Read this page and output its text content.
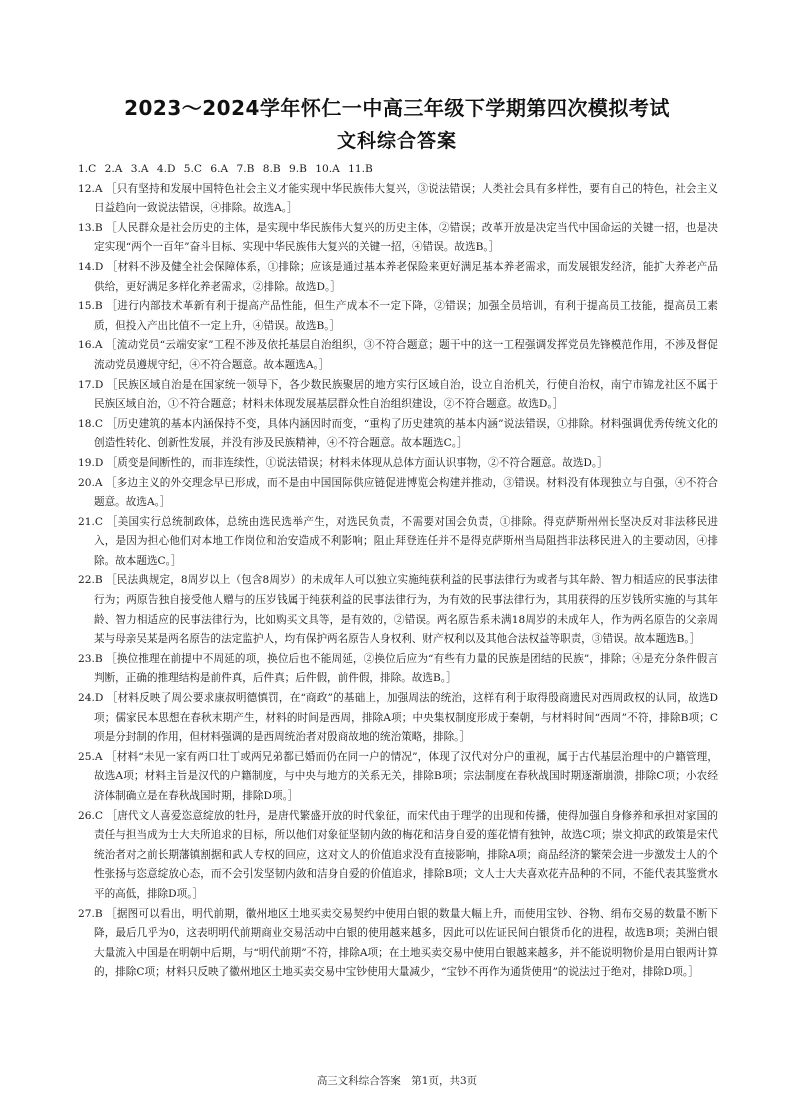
2023～2024学年怀仁一中高三年级下学期第四次模拟考试
文科综合答案
1.C 2.A 3.A 4.D 5.C 6.A 7.B 8.B 9.B 10.A 11.B
12.A ［只有坚持和发展中国特色社会主义才能实现中华民族伟大复兴，③说法错误；人类社会具有多样性，要有自己的特色，社会主义日益趋向一致说法错误，④排除。故选A。］
13.B ［人民群众是社会历史的主体，是实现中华民族伟大复兴的历史主体，②错误；改革开放是决定当代中国命运的关键一招，也是决定实现“两个一百年”奋斗目标、实现中华民族伟大复兴的关键一招，④错误。故选B。］
14.D ［材料不涉及健全社会保障体系，①排除；应该是通过基本养老保险来更好满足基本养老需求，而发展银发经济，能扩大养老产品供给，更好满足多样化养老需求，②排除。故选D。］
15.B ［进行内部技术革新有利于提高产品性能，但生产成本不一定下降，②错误；加强全员培训，有利于提高员工技能，提高员工素质，但投入产出比值不一定上升，④错误。故选B。］
16.A ［流动党员“云端安家”工程不涉及依托基层自治组织，③不符合题意；题干中的这一工程强调发挥党员先锋模范作用，不涉及督促流动党员遵规守纪，④不符合题意。故本题选A。］
17.D ［民族区域自治是在国家统一领导下，各少数民族聚居的地方实行区域自治，设立自治机关，行使自治权，南宁市锦龙社区不属于民族区域自治，①不符合题意；材料未体现发展基层群众性自治组织建设，②不符合题意。故选D。］
18.C ［历史建筑的基本内涵保持不变，具体内涵因时而变，“重构了历史建筑的基本内涵”说法错误，①排除。材料强调优秀传统文化的创造性转化、创新性发展，并没有涉及民族精神，④不符合题意。故本题选C。］
19.D ［质变是间断性的，而非连续性，①说法错误；材料未体现从总体方面认识事物，②不符合题意。故选D。］
20.A ［多边主义的外交理念早已形成，而不是由中国国际供应链促进博览会构建并推动，③错误。材料没有体现独立与自强，④不符合题意。故选A。］
21.C ［美国实行总统制政体，总统由选民选举产生，对选民负责，不需要对国会负责，①排除。得克萨斯州州长坚决反对非法移民进入，是因为担心他们对本地工作岗位和治安造成不利影响；阻止拜登连任并不是得克萨斯州当局阻挡非法移民进入的主要动因，④排除。故本题选C。］
22.B ［民法典规定，8周岁以上（包含8周岁）的未成年人可以独立实施纯获利益的民事法律行为或者与其年龄、智力相适应的民事法律行为；两原告独自接受他人赠与的压岁钱属于纯获利益的民事法律行为，为有效的民事法律行为，其用获得的压岁钱所实施的与其年龄、智力相适应的民事法律行为，比如购买文具等，是有效的，②错误。两名原告系未满18周岁的未成年人，作为两名原告的父亲周某与母亲吴某是两名原告的法定监护人，均有保护两名原告人身权利、财产权利以及其他合法权益等职责，③错误。故本题选B。］
23.B ［换位推理在前提中不周延的项，换位后也不能周延，②换位后应为“有些有力量的民族是团结的民族”，排除；④是充分条件假言判断，正确的推理结构是前件真，后件真；后件假，前件假，排除。故选B。］
24.D ［材料反映了周公要求康叔明德慎罚，在“商政”的基础上，加强周法的统治，这样有利于取得殷商遗民对西周政权的认同，故选D项；儒家民本思想在春秋末期产生，材料的时间是西周，排除A项；中央集权制度形成于秦朝，与材料时间“西周”不符，排除B项；C项是分封制的作用，但材料强调的是西周统治者对殷商故地的统治策略，排除。］
25.A ［材料“未见一家有两口壮丁或两兄弟都已婚而仍在同一户的情况”，体现了汉代对分户的重视，属于古代基层治理中的户籍管理，故选A项；材料主旨是汉代的户籍制度，与中央与地方的关系无关，排除B项；宗法制度在春秋战国时期逐渐崩溃，排除C项；小农经济体制确立是在春秋战国时期，排除D项。］
26.C ［唐代文人喜爱恣意绽放的牡丹，是唐代繁盛开放的时代象征，而宋代由于理学的出现和传播，使得加强自身修养和承担对家国的责任与担当成为士大夫所追求的目标，所以他们对象征坚韧内敛的梅花和洁身自爱的莲花情有独钟，故选C项；崇文抑武的政策是宋代统治者对之前长期藩镇割据和武人专权的回应，这对文人的价值追求没有直接影响，排除A项；商品经济的繁荣会进一步激发士人的个性张扬与恣意绽放心态，而不会引发坚韧内敛和洁身自爱的价值追求，排除B项；文人士大夫喜欢花卉品种的不同，不能代表其鉴赏水平的高低，排除D项。］
27.B ［据图可以看出，明代前期，徽州地区土地买卖交易契约中使用白银的数量大幅上升，而使用宝钞、谷物、绢布交易的数量不断下降，最后几乎为0，这表明明代前期商业交易活动中白银的使用越来越多，因此可以佐证民间白银货币化的进程，故选B项；美洲白银大量流入中国是在明朝中后期，与“明代前期”不符，排除A项；在土地买卖交易中使用白银越来越多，并不能说明物价是用白银两计算的，排除C项；材料只反映了徽州地区土地买卖交易中宝钞使用大量减少，“宝钞不再作为通货使用”的说法过于绝对，排除D项。］
高三文科综合答案　第1页，共3页
